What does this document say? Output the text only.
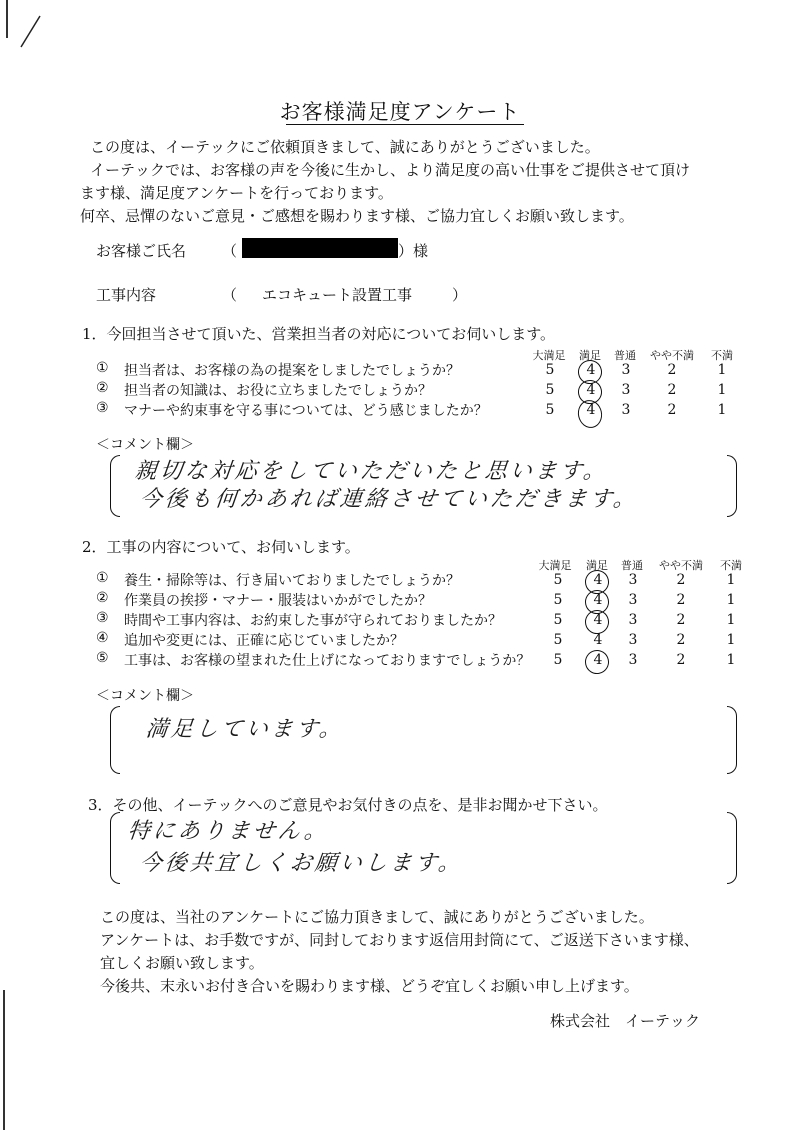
お客様満足度アンケート
この度は、イーテックにご依頼頂きまして、誠にありがとうございました。
イーテックでは、お客様の声を今後に生かし、より満足度の高い仕事をご提供させて頂け
ます様、満足度アンケートを行っております。
何卒、忌憚のないご意見・ご感想を賜わります様、ご協力宜しくお願い致します。
お客様ご氏名 （	）様
工事内容	（ エコキュート設置工事	）
1．今回担当させて頂いた、営業担当者の対応についてお伺いします。
大満足	満足	普通	やや不満	不満
① 担当者は、お客様の為の提案をしましたでしょうか？	5	4	3	2	1
② 担当者の知識は、お役に立ちましたでしょうか？	5	4	3	2	1
③ マナーや約束事を守る事については、どう感じましたか？	5	4	3	2	1
＜コメント欄＞
親切な対応をしていただいたと思います。
今後も何かあれば連絡させていただきます。
2．工事の内容について、お伺いします。
大満足	満足	普通	やや不満	不満
① 養生・掃除等は、行き届いておりましたでしょうか？	5	4	3	2	1
② 作業員の挨拶・マナー・服装はいかがでしたか？	5	4	3	2	1
③ 時間や工事内容は、お約束した事が守られておりましたか？	5	4	3	2	1
④ 追加や変更には、正確に応じていましたか？	5	4	3	2	1
⑤ 工事は、お客様の望まれた仕上げになっておりますでしょうか？	5	4	3	2	1
＜コメント欄＞
満足しています。
3．その他、イーテックへのご意見やお気付きの点を、是非お聞かせ下さい。
特にありません。
今後共宜しくお願いします。
この度は、当社のアンケートにご協力頂きまして、誠にありがとうございました。
アンケートは、お手数ですが、同封しております返信用封筒にて、ご返送下さいます様、
宜しくお願い致します。
今後共、末永いお付き合いを賜わります様、どうぞ宜しくお願い申し上げます。
株式会社　イーテック
